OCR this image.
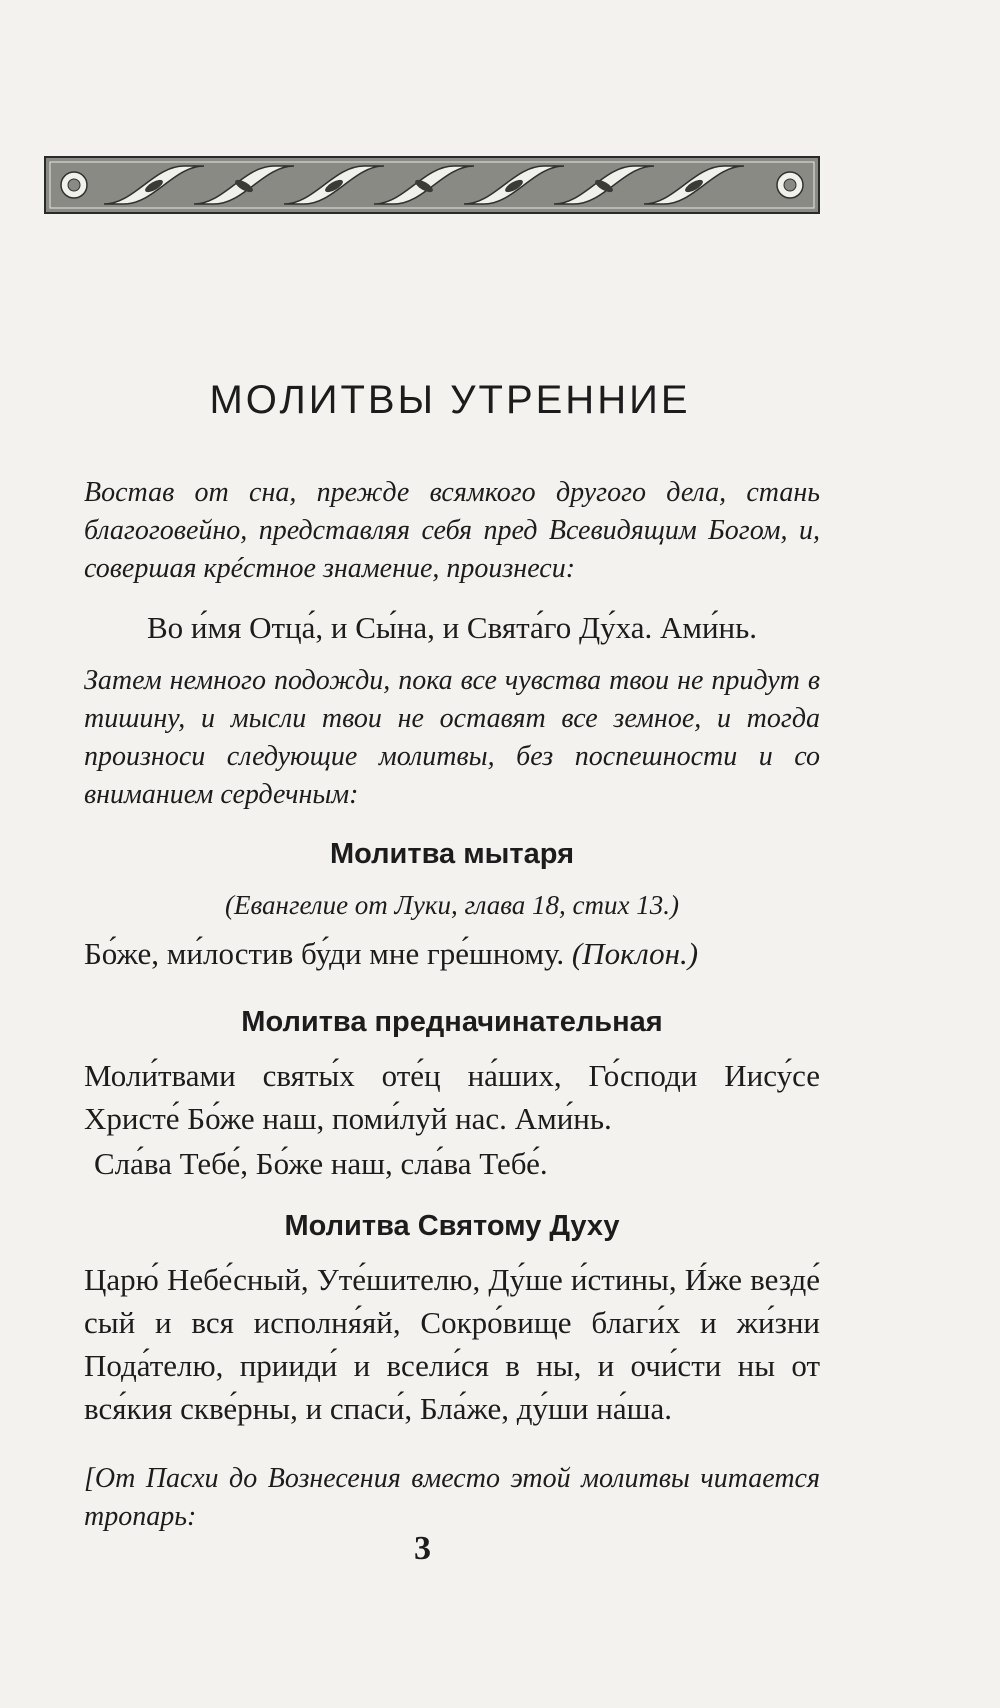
МОЛИТВЫ УТРЕННИЕ
Востав от сна, прежде всямкого другого дела, стань благоговейно, представляя себя пред Всевидящим Богом, и, совершая крéстное знамение, произнеси:
Во и́мя Отца́, и Сы́на, и Свята́го Ду́ха. Ами́нь.
Затем немного подожди, пока все чувства твои не придут в тишину, и мысли твои не оставят все земное, и тогда произноси следующие молитвы, без поспешности и со вниманием сердечным:
Молитва мытаря
(Евангелие от Луки, глава 18, стих 13.)
Бо́же, ми́лостив бу́ди мне гре́шному. (Поклон.)
Молитва предначинательная
Моли́твами святы́х оте́ц на́ших, Го́споди Иису́се Христе́ Бо́же наш, поми́луй нас. Ами́нь.
Сла́ва Тебе́, Бо́же наш, сла́ва Тебе́.
Молитва Святому Духу
Царю́ Небе́сный, Уте́шителю, Ду́ше и́стины, И́же везде́ сый и вся исполня́яй, Сокро́вище благи́х и жи́зни Пода́телю, прииди́ и всели́ся в ны, и очи́сти ны от вся́кия скве́рны, и спаси́, Бла́же, ду́ши на́ша.
[От Пасхи до Вознесения вместо этой молитвы читается тропарь:
3
